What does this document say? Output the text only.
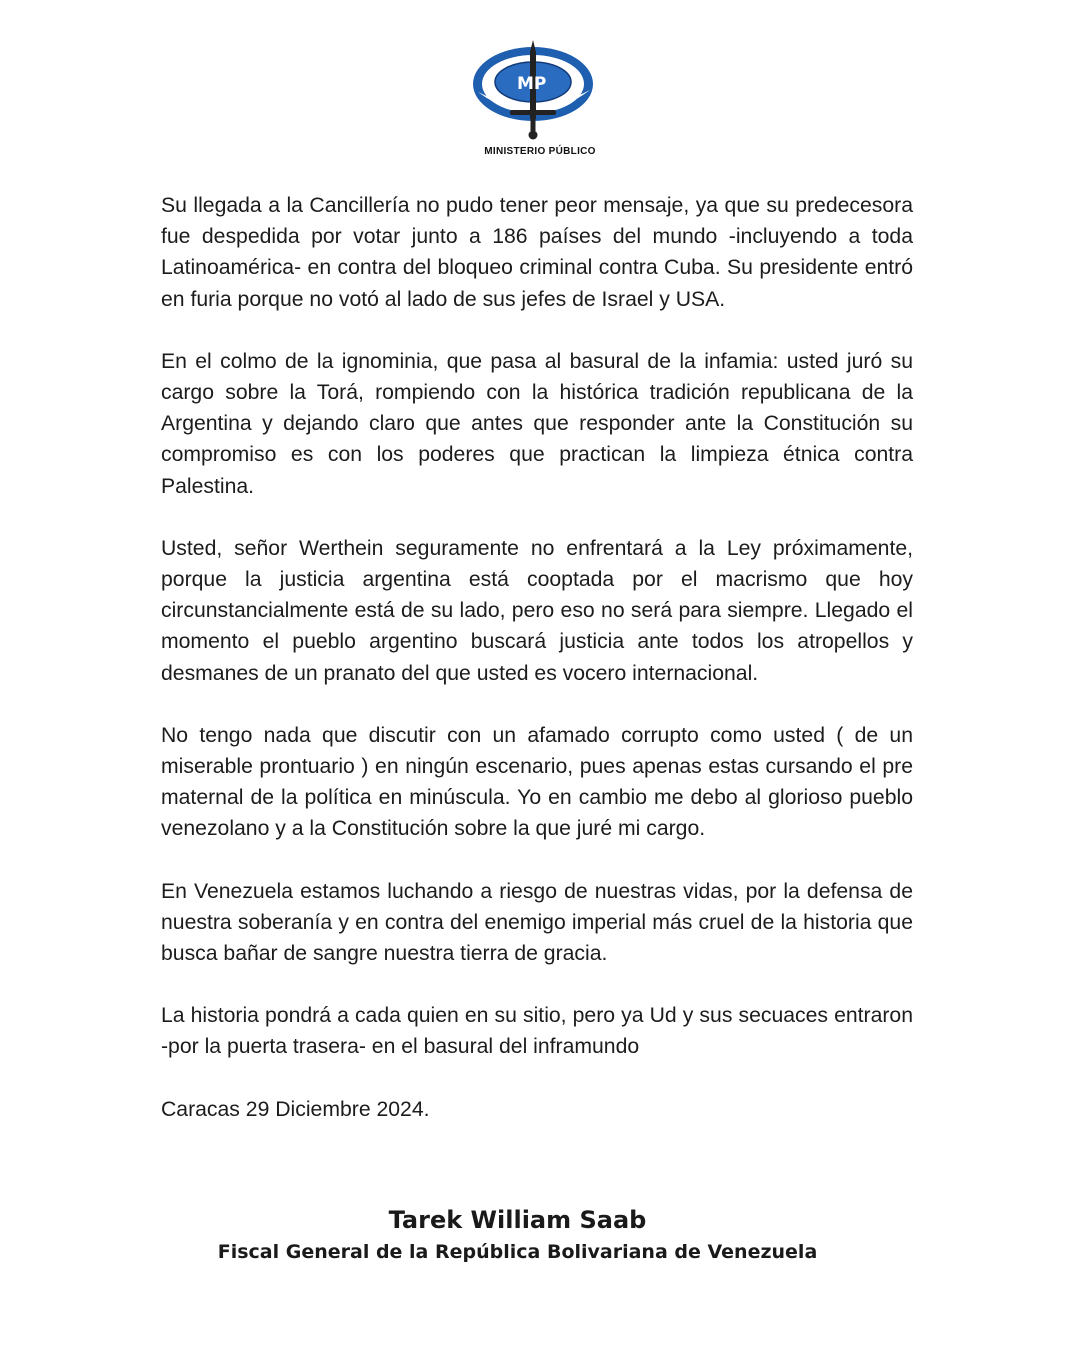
MP
MINISTERIO PÚBLICO

Su llegada a la Cancillería no pudo tener peor mensaje, ya que su predecesora fue despedida por votar junto a 186 países del mundo -incluyendo a toda Latinoamérica- en contra del bloqueo criminal contra Cuba. Su presidente entró en furia porque no votó al lado de sus jefes de Israel y USA.

En el colmo de la ignominia, que pasa al basural de la infamia: usted juró su cargo sobre la Torá, rompiendo con la histórica tradición republicana de la Argentina y dejando claro que antes que responder ante la Constitución su compromiso es con los poderes que practican la limpieza étnica contra Palestina.

Usted, señor Werthein seguramente no enfrentará a la Ley próximamente, porque la justicia argentina está cooptada por el macrismo que hoy circunstancialmente está de su lado, pero eso no será para siempre. Llegado el momento el pueblo argentino buscará justicia ante todos los atropellos y desmanes de un pranato del que usted es vocero internacional.

No tengo nada que discutir con un afamado corrupto como usted ( de un miserable prontuario ) en ningún escenario, pues apenas estas cursando el pre maternal de la política en minúscula. Yo en cambio me debo al glorioso pueblo venezolano y a la Constitución sobre la que juré mi cargo.

En Venezuela estamos luchando a riesgo de nuestras vidas, por la defensa de nuestra soberanía y en contra del enemigo imperial más cruel de la historia que busca bañar de sangre nuestra tierra de gracia.

La historia pondrá a cada quien en su sitio, pero ya Ud y sus secuaces entraron -por la puerta trasera- en el basural del inframundo

Caracas 29 Diciembre 2024.

Tarek William Saab
Fiscal General de la República Bolivariana de Venezuela
